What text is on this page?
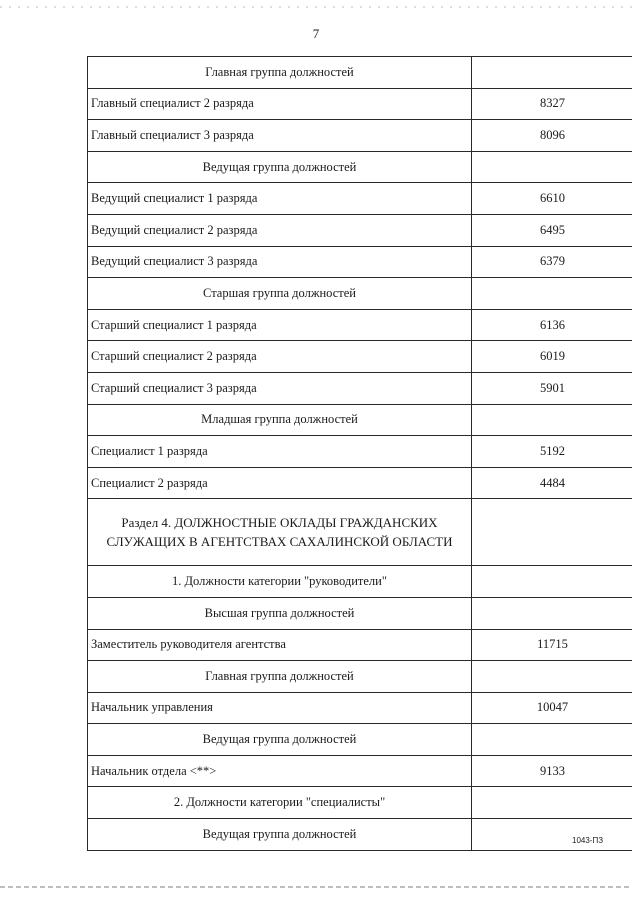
7
Главная группа должностей	
Главный специалист 2 разряда	8327
Главный специалист 3 разряда	8096
Ведущая группа должностей	
Ведущий специалист 1 разряда	6610
Ведущий специалист 2 разряда	6495
Ведущий специалист 3 разряда	6379
Старшая группа должностей	
Старший специалист 1 разряда	6136
Старший специалист 2 разряда	6019
Старший специалист 3 разряда	5901
Младшая группа должностей	
Специалист 1 разряда	5192
Специалист 2 разряда	4484
Раздел 4. ДОЛЖНОСТНЫЕ ОКЛАДЫ ГРАЖДАНСКИХ СЛУЖАЩИХ В АГЕНТСТВАХ САХАЛИНСКОЙ ОБЛАСТИ	
1. Должности категории "руководители"	
Высшая группа должностей	
Заместитель руководителя агентства	11715
Главная группа должностей	
Начальник управления	10047
Ведущая группа должностей	
Начальник отдела <**>	9133
2. Должности категории "специалисты"	
Ведущая группа должностей		1043-ПЗ
